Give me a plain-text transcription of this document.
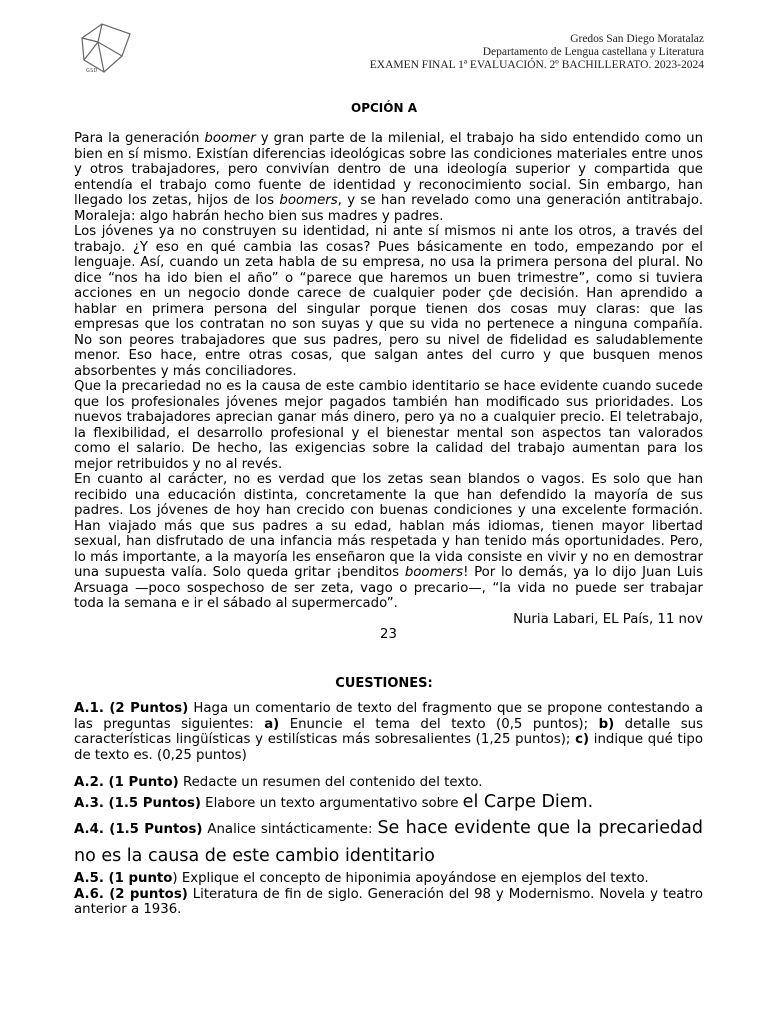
GSD
Gredos San Diego Moratalaz
Departamento de Lengua castellana y Literatura
EXAMEN FINAL 1ª EVALUACIÓN. 2º BACHILLERATO. 2023-2024
OPCIÓN A

Para la generación boomer y gran parte de la milenial, el trabajo ha sido entendido como un bien en sí mismo. Existían diferencias ideológicas sobre las condiciones materiales entre unos y otros trabajadores, pero convivían dentro de una ideología superior y compartida que entendía el trabajo como fuente de identidad y reconocimiento social. Sin embargo, han llegado los zetas, hijos de los boomers, y se han revelado como una generación antitrabajo. Moraleja: algo habrán hecho bien sus madres y padres.

Los jóvenes ya no construyen su identidad, ni ante sí mismos ni ante los otros, a través del trabajo. ¿Y eso en qué cambia las cosas? Pues básicamente en todo, empezando por el lenguaje. Así, cuando un zeta habla de su empresa, no usa la primera persona del plural. No dice “nos ha ido bien el año” o “parece que haremos un buen trimestre”, como si tuviera acciones en un negocio donde carece de cualquier poder çde decisión. Han aprendido a hablar en primera persona del singular porque tienen dos cosas muy claras: que las empresas que los contratan no son suyas y que su vida no pertenece a ninguna compañía. No son peores trabajadores que sus padres, pero su nivel de fidelidad es saludablemente menor. Eso hace, entre otras cosas, que salgan antes del curro y que busquen menos absorbentes y más conciliadores.

Que la precariedad no es la causa de este cambio identitario se hace evidente cuando sucede que los profesionales jóvenes mejor pagados también han modificado sus prioridades. Los nuevos trabajadores aprecian ganar más dinero, pero ya no a cualquier precio. El teletrabajo, la flexibilidad, el desarrollo profesional y el bienestar mental son aspectos tan valorados como el salario. De hecho, las exigencias sobre la calidad del trabajo aumentan para los mejor retribuidos y no al revés.

En cuanto al carácter, no es verdad que los zetas sean blandos o vagos. Es solo que han recibido una educación distinta, concretamente la que han defendido la mayoría de sus padres. Los jóvenes de hoy han crecido con buenas condiciones y una excelente formación. Han viajado más que sus padres a su edad, hablan más idiomas, tienen mayor libertad sexual, han disfrutado de una infancia más respetada y han tenido más oportunidades. Pero, lo más importante, a la mayoría les enseñaron que la vida consiste en vivir y no en demostrar una supuesta valía. Solo queda gritar ¡benditos boomers! Por lo demás, ya lo dijo Juan Luis Arsuaga —poco sospechoso de ser zeta, vago o precario—, “la vida no puede ser trabajar toda la semana e ir el sábado al supermercado”.

Nuria Labari, EL País, 11 nov

23

CUESTIONES:

A.1. (2 Puntos) Haga un comentario de texto del fragmento que se propone contestando a las preguntas siguientes: a) Enuncie el tema del texto (0,5 puntos); b) detalle sus características lingüísticas y estilísticas más sobresalientes (1,25 puntos); c) indique qué tipo de texto es. (0,25 puntos)

A.2. (1 Punto) Redacte un resumen del contenido del texto.

A.3. (1.5 Puntos) Elabore un texto argumentativo sobre el Carpe Diem.

A.4. (1.5 Puntos) Analice sintácticamente: Se hace evidente que la precariedad no es la causa de este cambio identitario

A.5. (1 punto) Explique el concepto de hiponimia apoyándose en ejemplos del texto.

A.6. (2 puntos) Literatura de fin de siglo. Generación del 98 y Modernismo. Novela y teatro anterior a 1936.
